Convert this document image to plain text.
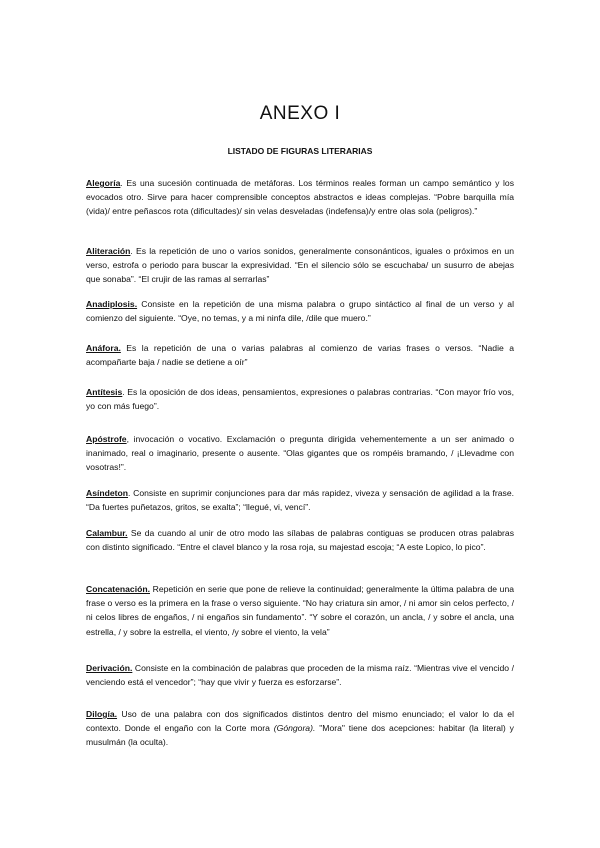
ANEXO I
LISTADO DE FIGURAS LITERARIAS

Alegoría. Es una sucesión continuada de metáforas. Los términos reales forman un campo semántico y los evocados otro. Sirve para hacer comprensible conceptos abstractos e ideas complejas. “Pobre barquilla mía (vida)/ entre peñascos rota (dificultades)/ sin velas desveladas (indefensa)/y entre olas sola (peligros).”

Aliteración. Es la repetición de uno o varios sonidos, generalmente consonánticos, iguales o próximos en un verso, estrofa o periodo para buscar la expresividad. “En el silencio sólo se escuchaba/ un susurro de abejas que sonaba”. “El crujir de las ramas al serrarlas”

Anadiplosis. Consiste en la repetición de una misma palabra o grupo sintáctico al final de un verso y al comienzo del siguiente. “Oye, no temas, y a mi ninfa dile, /dile que muero.”

Anáfora. Es la repetición de una o varias palabras al comienzo de varias frases o versos. “Nadie a acompañarte baja / nadie se detiene a oír”

Antítesis. Es la oposición de dos ideas, pensamientos, expresiones o palabras contrarias. “Con mayor frío vos, yo con más fuego”.

Apóstrofe, invocación o vocativo. Exclamación o pregunta dirigida vehementemente a un ser animado o inanimado, real o imaginario, presente o ausente. “Olas gigantes que os rompéis bramando, / ¡Llevadme con vosotras!”.

Asíndeton. Consiste en suprimir conjunciones para dar más rapidez, viveza y sensación de agilidad a la frase. “Da fuertes puñetazos, gritos, se exalta”; “llegué, vi, vencí”.

Calambur. Se da cuando al unir de otro modo las sílabas de palabras contiguas se producen otras palabras con distinto significado. “Entre el clavel blanco y la rosa roja, su majestad escoja; “A este Lopico, lo pico”.

Concatenación. Repetición en serie que pone de relieve la continuidad; generalmente la última palabra de una frase o verso es la primera en la frase o verso siguiente. “No hay criatura sin amor, / ni amor sin celos perfecto, / ni celos libres de engaños, / ni engaños sin fundamento”. “Y sobre el corazón, un ancla, / y sobre el ancla, una estrella, / y sobre la estrella, el viento, /y sobre el viento, la vela”

Derivación. Consiste en la combinación de palabras que proceden de la misma raíz. “Mientras vive el vencido / venciendo está el vencedor”; “hay que vivir y fuerza es esforzarse”.

Dilogía. Uso de una palabra con dos significados distintos dentro del mismo enunciado; el valor lo da el contexto. Donde el engaño con la Corte mora (Góngora). "Mora" tiene dos acepciones: habitar (la literal) y musulmán (la oculta).
